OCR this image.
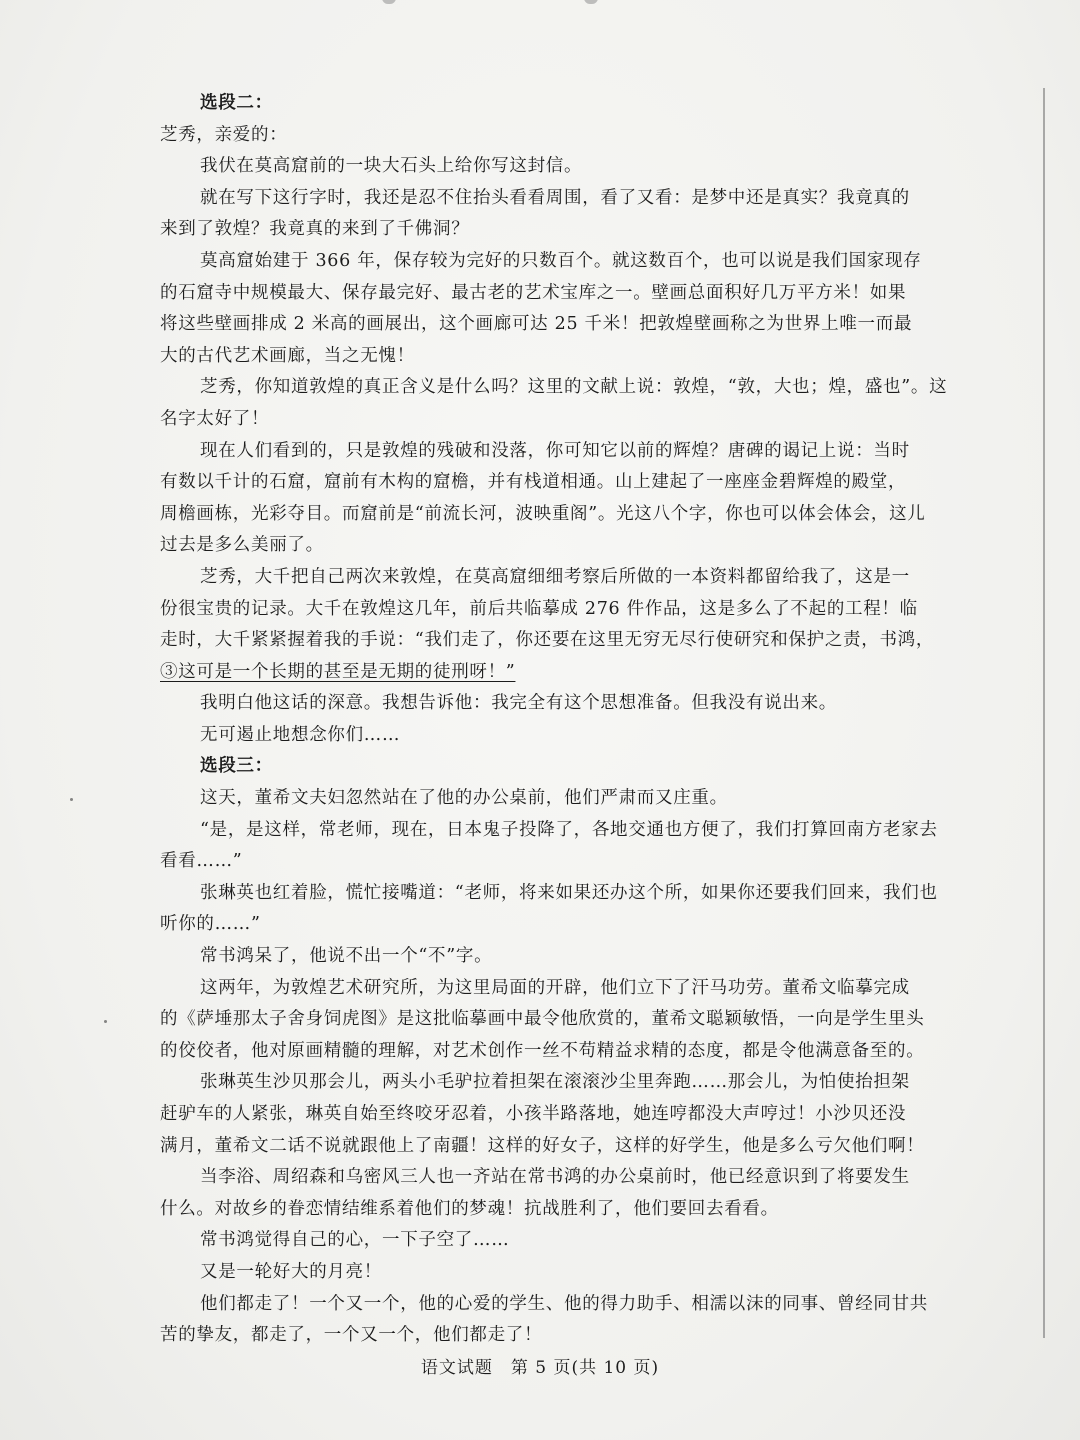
选段二：
芝秀，亲爱的：
我伏在莫高窟前的一块大石头上给你写这封信。
就在写下这行字时，我还是忍不住抬头看看周围，看了又看：是梦中还是真实？我竟真的
来到了敦煌？我竟真的来到了千佛洞？
莫高窟始建于 366 年，保存较为完好的只数百个。就这数百个，也可以说是我们国家现存
的石窟寺中规模最大、保存最完好、最古老的艺术宝库之一。壁画总面积好几万平方米！如果
将这些壁画排成 2 米高的画展出，这个画廊可达 25 千米！把敦煌壁画称之为世界上唯一而最
大的古代艺术画廊，当之无愧！
芝秀，你知道敦煌的真正含义是什么吗？这里的文献上说：敦煌，“敦，大也；煌，盛也”。这
名字太好了！
现在人们看到的，只是敦煌的残破和没落，你可知它以前的辉煌？唐碑的谒记上说：当时
有数以千计的石窟，窟前有木构的窟檐，并有栈道相通。山上建起了一座座金碧辉煌的殿堂，
周檐画栋，光彩夺目。而窟前是“前流长河，波映重阁”。光这八个字，你也可以体会体会，这儿
过去是多么美丽了。
芝秀，大千把自己两次来敦煌，在莫高窟细细考察后所做的一本资料都留给我了，这是一
份很宝贵的记录。大千在敦煌这几年，前后共临摹成 276 件作品，这是多么了不起的工程！临
走时，大千紧紧握着我的手说：“我们走了，你还要在这里无穷无尽行使研究和保护之责，书鸿，
③这可是一个长期的甚至是无期的徒刑呀！”
我明白他这话的深意。我想告诉他：我完全有这个思想准备。但我没有说出来。
无可遏止地想念你们……
选段三：
这天，董希文夫妇忽然站在了他的办公桌前，他们严肃而又庄重。
“是，是这样，常老师，现在，日本鬼子投降了，各地交通也方便了，我们打算回南方老家去
看看……”
张琳英也红着脸，慌忙接嘴道：“老师，将来如果还办这个所，如果你还要我们回来，我们也
听你的……”
常书鸿呆了，他说不出一个“不”字。
这两年，为敦煌艺术研究所，为这里局面的开辟，他们立下了汗马功劳。董希文临摹完成
的《萨埵那太子舍身饲虎图》是这批临摹画中最令他欣赏的，董希文聪颖敏悟，一向是学生里头
的佼佼者，他对原画精髓的理解，对艺术创作一丝不苟精益求精的态度，都是令他满意备至的。
张琳英生沙贝那会儿，两头小毛驴拉着担架在滚滚沙尘里奔跑……那会儿，为怕使抬担架
赶驴车的人紧张，琳英自始至终咬牙忍着，小孩半路落地，她连哼都没大声哼过！小沙贝还没
满月，董希文二话不说就跟他上了南疆！这样的好女子，这样的好学生，他是多么亏欠他们啊！
当李浴、周绍森和乌密风三人也一齐站在常书鸿的办公桌前时，他已经意识到了将要发生
什么。对故乡的眷恋情结维系着他们的梦魂！抗战胜利了，他们要回去看看。
常书鸿觉得自己的心，一下子空了……
又是一轮好大的月亮！
他们都走了！一个又一个，他的心爱的学生、他的得力助手、相濡以沫的同事、曾经同甘共
苦的挚友，都走了，一个又一个，他们都走了！
语文试题　第 5 页(共 10 页)
